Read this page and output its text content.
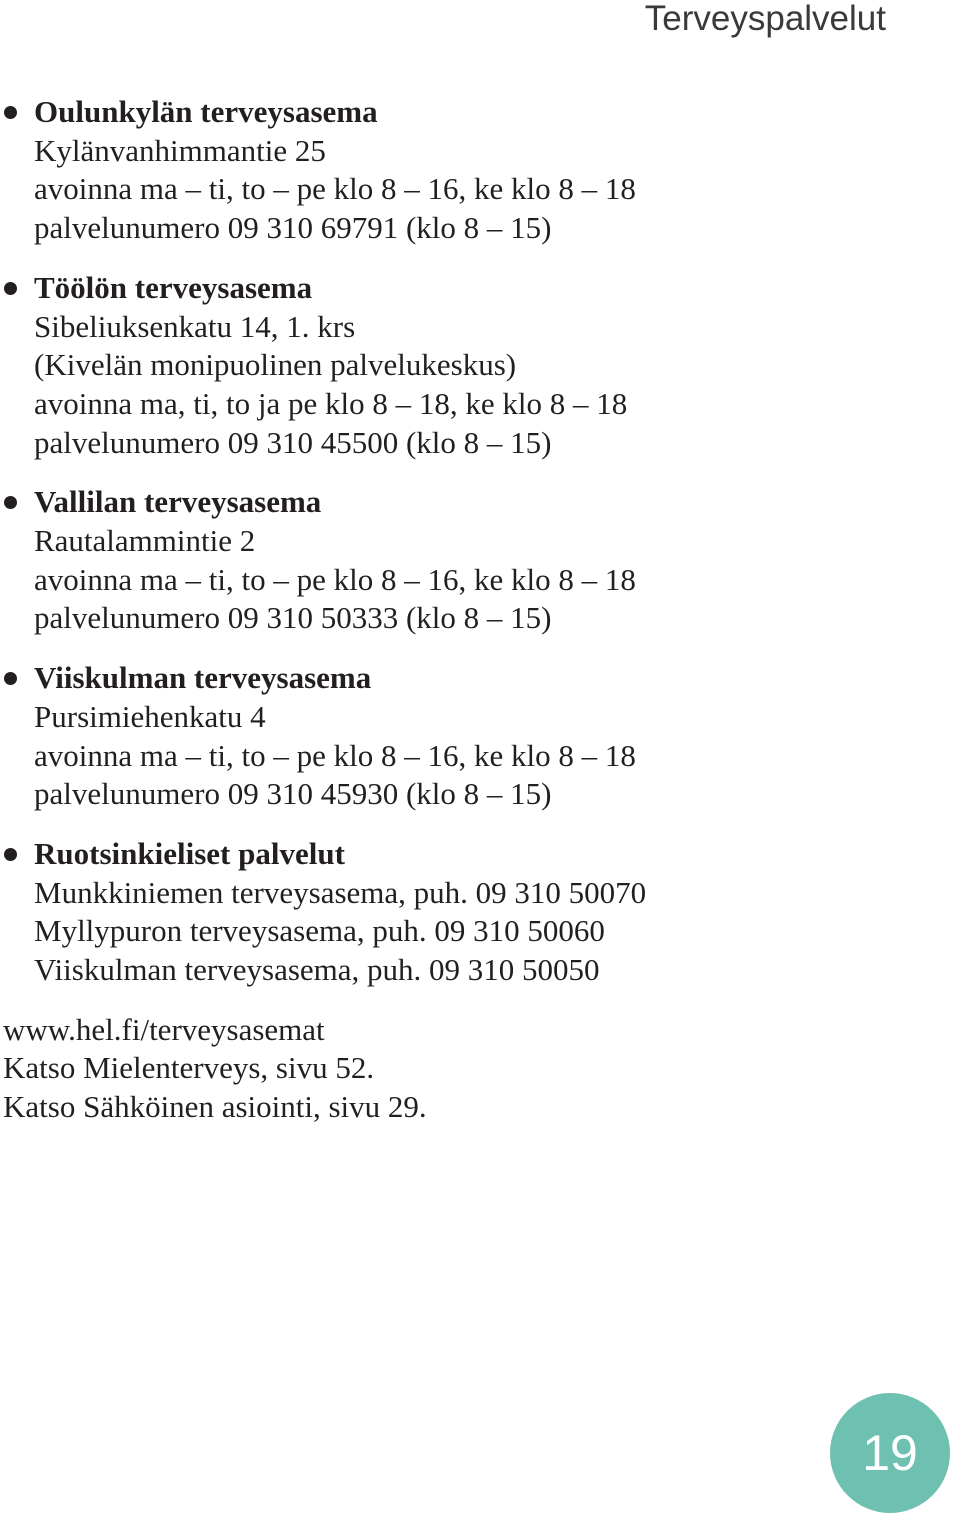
Terveyspalvelut
Oulunkylän terveysasema
Kylänvanhimmantie 25
avoinna ma – ti, to – pe klo 8 – 16, ke klo 8 – 18
palvelunumero 09 310 69791 (klo 8 – 15)
Töölön terveysasema
Sibeliuksenkatu 14, 1. krs
(Kivelän monipuolinen palvelukeskus)
avoinna ma, ti, to ja pe klo 8 – 18, ke klo 8 – 18
palvelunumero 09 310 45500 (klo 8 – 15)
Vallilan terveysasema
Rautalammintie 2
avoinna ma – ti, to – pe klo 8 – 16, ke klo 8 – 18
palvelunumero 09 310 50333 (klo 8 – 15)
Viiskulman terveysasema
Pursimiehenkatu 4
avoinna ma – ti, to – pe klo 8 – 16, ke klo 8 – 18
palvelunumero 09 310 45930 (klo 8 – 15)
Ruotsinkieliset palvelut
Munkkiniemen terveysasema, puh. 09 310 50070
Myllypuron terveysasema, puh. 09 310 50060
Viiskulman terveysasema, puh. 09 310 50050
www.hel.fi/terveysasemat
Katso Mielenterveys, sivu 52.
Katso Sähköinen asiointi, sivu 29.
19
